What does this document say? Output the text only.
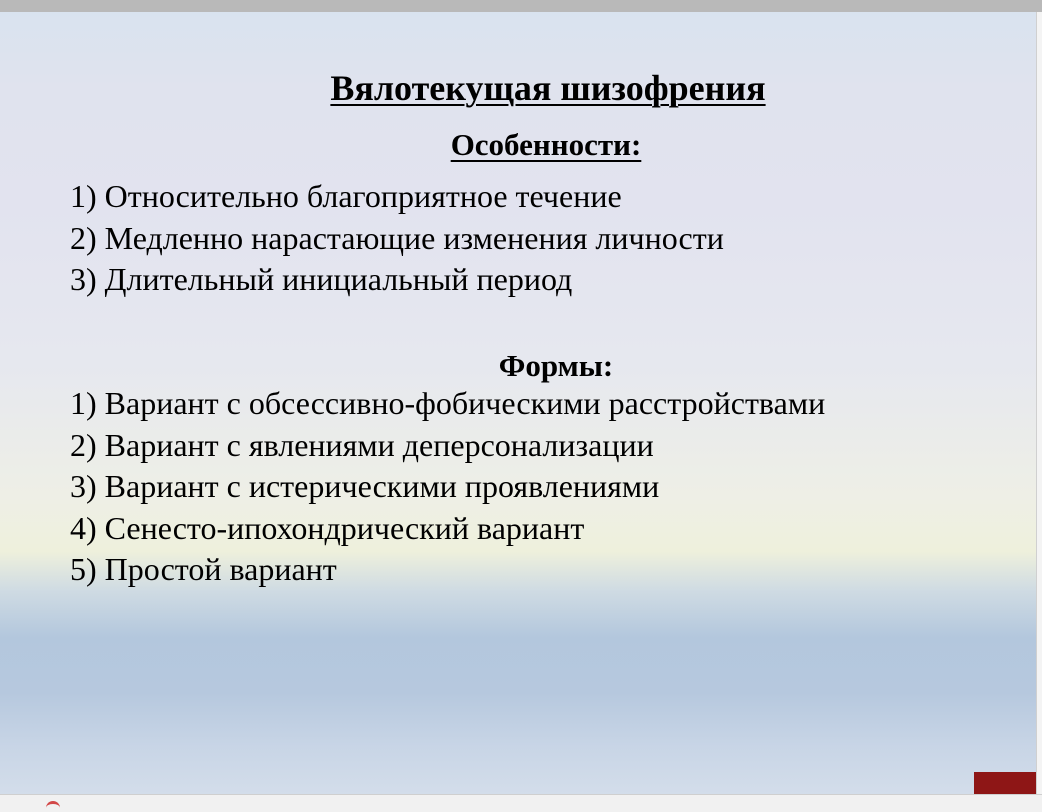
Вялотекущая шизофрения
Особенности:
1) Относительно благоприятное течение
2) Медленно нарастающие изменения личности
3) Длительный инициальный период
Формы:
1) Вариант с обсессивно-фобическими расстройствами
2) Вариант с явлениями деперсонализации
3) Вариант с истерическими проявлениями
4) Сенесто-ипохондрический вариант
5) Простой вариант
